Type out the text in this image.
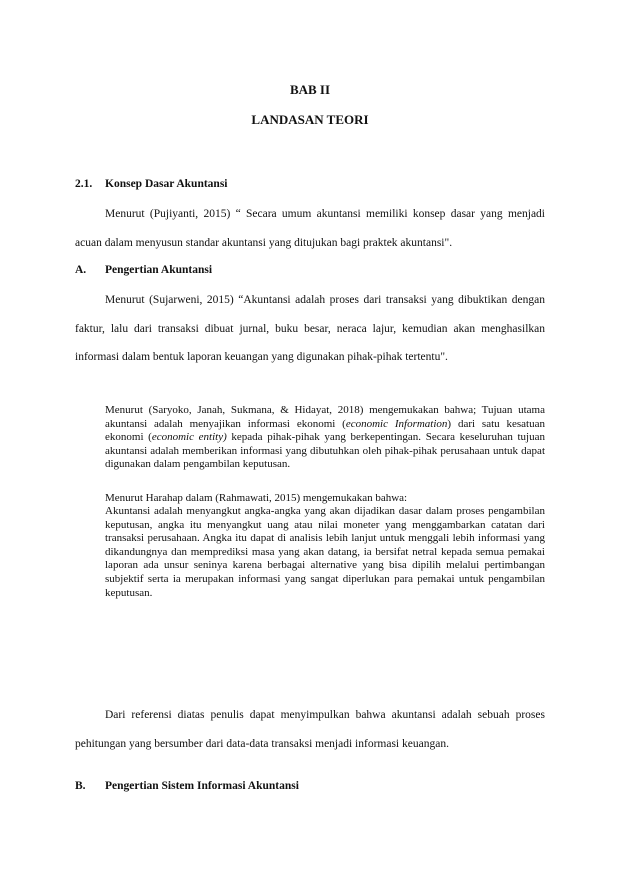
BAB II
LANDASAN TEORI
2.1. Konsep Dasar Akuntansi

Menurut (Pujiyanti, 2015) “ Secara umum akuntansi memiliki konsep dasar yang menjadi acuan dalam menyusun standar akuntansi yang ditujukan bagi praktek akuntansi".

A. Pengertian Akuntansi

Menurut (Sujarweni, 2015) “Akuntansi adalah proses dari transaksi yang dibuktikan dengan faktur, lalu dari transaksi dibuat jurnal, buku besar, neraca lajur, kemudian akan menghasilkan informasi dalam bentuk laporan keuangan yang digunakan pihak-pihak tertentu".

Menurut (Saryoko, Janah, Sukmana, & Hidayat, 2018) mengemukakan bahwa; Tujuan utama akuntansi adalah menyajikan informasi ekonomi (economic Information) dari satu kesatuan ekonomi (economic entity) kepada pihak-pihak yang berkepentingan. Secara keseluruhan tujuan akuntansi adalah memberikan informasi yang dibutuhkan oleh pihak-pihak perusahaan untuk dapat digunakan dalam pengambilan keputusan.

Menurut Harahap dalam (Rahmawati, 2015) mengemukakan bahwa:

Akuntansi adalah menyangkut angka-angka yang akan dijadikan dasar dalam proses pengambilan keputusan, angka itu menyangkut uang atau nilai moneter yang menggambarkan catatan dari transaksi perusahaan. Angka itu dapat di analisis lebih lanjut untuk menggali lebih informasi yang dikandungnya dan memprediksi masa yang akan datang, ia bersifat netral kepada semua pemakai laporan ada unsur seninya karena berbagai alternative yang bisa dipilih melalui pertimbangan subjektif serta ia merupakan informasi yang sangat diperlukan para pemakai untuk pengambilan keputusan.

Dari referensi diatas penulis dapat menyimpulkan bahwa akuntansi adalah sebuah proses pehitungan yang bersumber dari data-data transaksi menjadi informasi keuangan.

B. Pengertian Sistem Informasi Akuntansi
